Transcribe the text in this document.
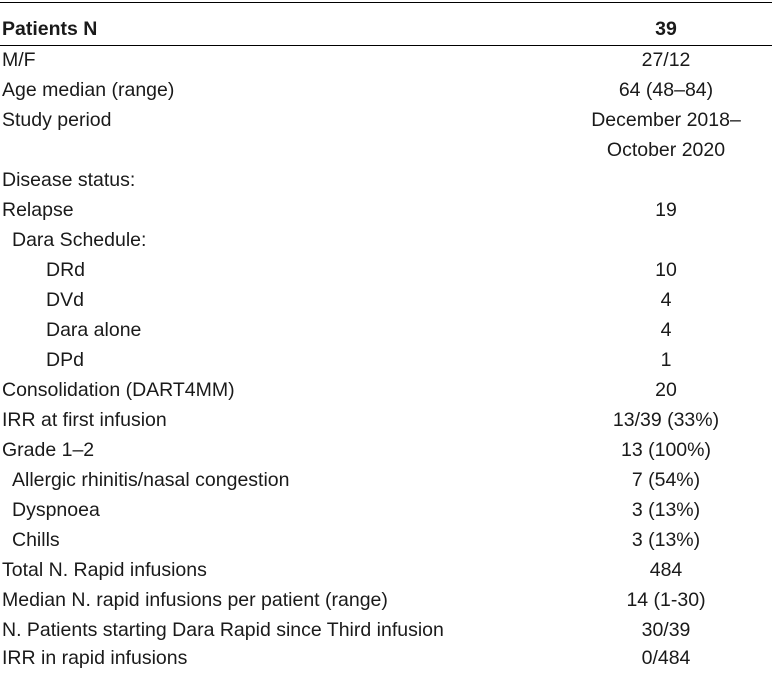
Patients N	39
M/F	27/12
Age median (range)	64 (48–84)
Study period	December 2018–
October 2020
Disease status:
Relapse	19
Dara Schedule:
DRd	10
DVd	4
Dara alone	4
DPd	1
Consolidation (DART4MM)	20
IRR at first infusion	13/39 (33%)
Grade 1–2	13 (100%)
Allergic rhinitis/nasal congestion	7 (54%)
Dyspnoea	3 (13%)
Chills	3 (13%)
Total N. Rapid infusions	484
Median N. rapid infusions per patient (range)	14 (1-30)
N. Patients starting Dara Rapid since Third infusion	30/39
IRR in rapid infusions	0/484
